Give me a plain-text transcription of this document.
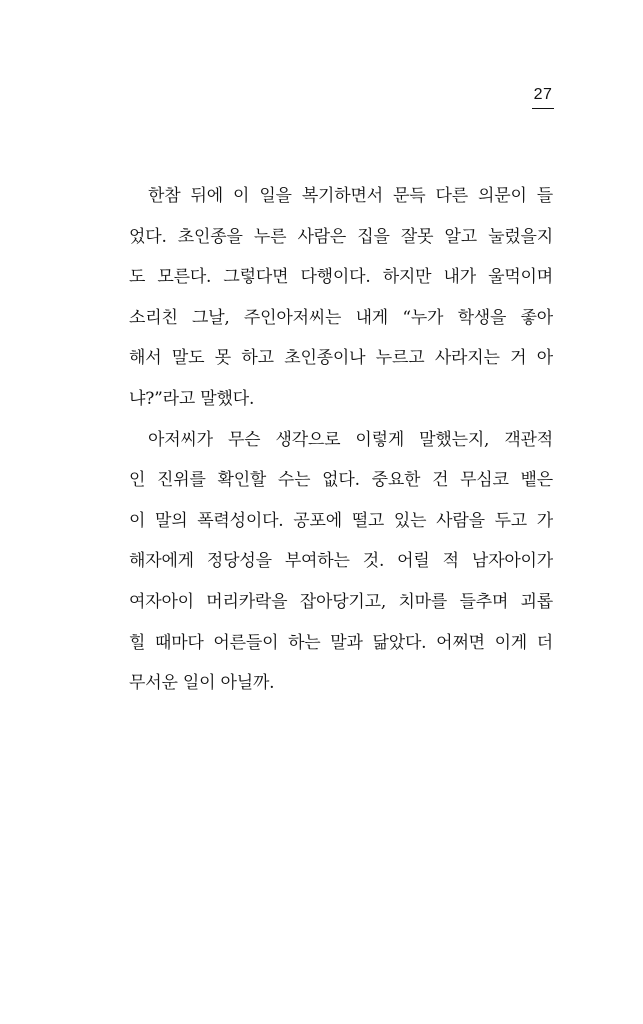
27
한참 뒤에 이 일을 복기하면서 문득 다른 의문이 들
었다. 초인종을 누른 사람은 집을 잘못 알고 눌렀을지
도 모른다. 그렇다면 다행이다. 하지만 내가 울먹이며
소리친 그날, 주인아저씨는 내게 “누가 학생을 좋아
해서 말도 못 하고 초인종이나 누르고 사라지는 거 아
냐?”라고 말했다.
아저씨가 무슨 생각으로 이렇게 말했는지, 객관적
인 진위를 확인할 수는 없다. 중요한 건 무심코 뱉은
이 말의 폭력성이다. 공포에 떨고 있는 사람을 두고 가
해자에게 정당성을 부여하는 것. 어릴 적 남자아이가
여자아이 머리카락을 잡아당기고, 치마를 들추며 괴롭
힐 때마다 어른들이 하는 말과 닮았다. 어쩌면 이게 더
무서운 일이 아닐까.
